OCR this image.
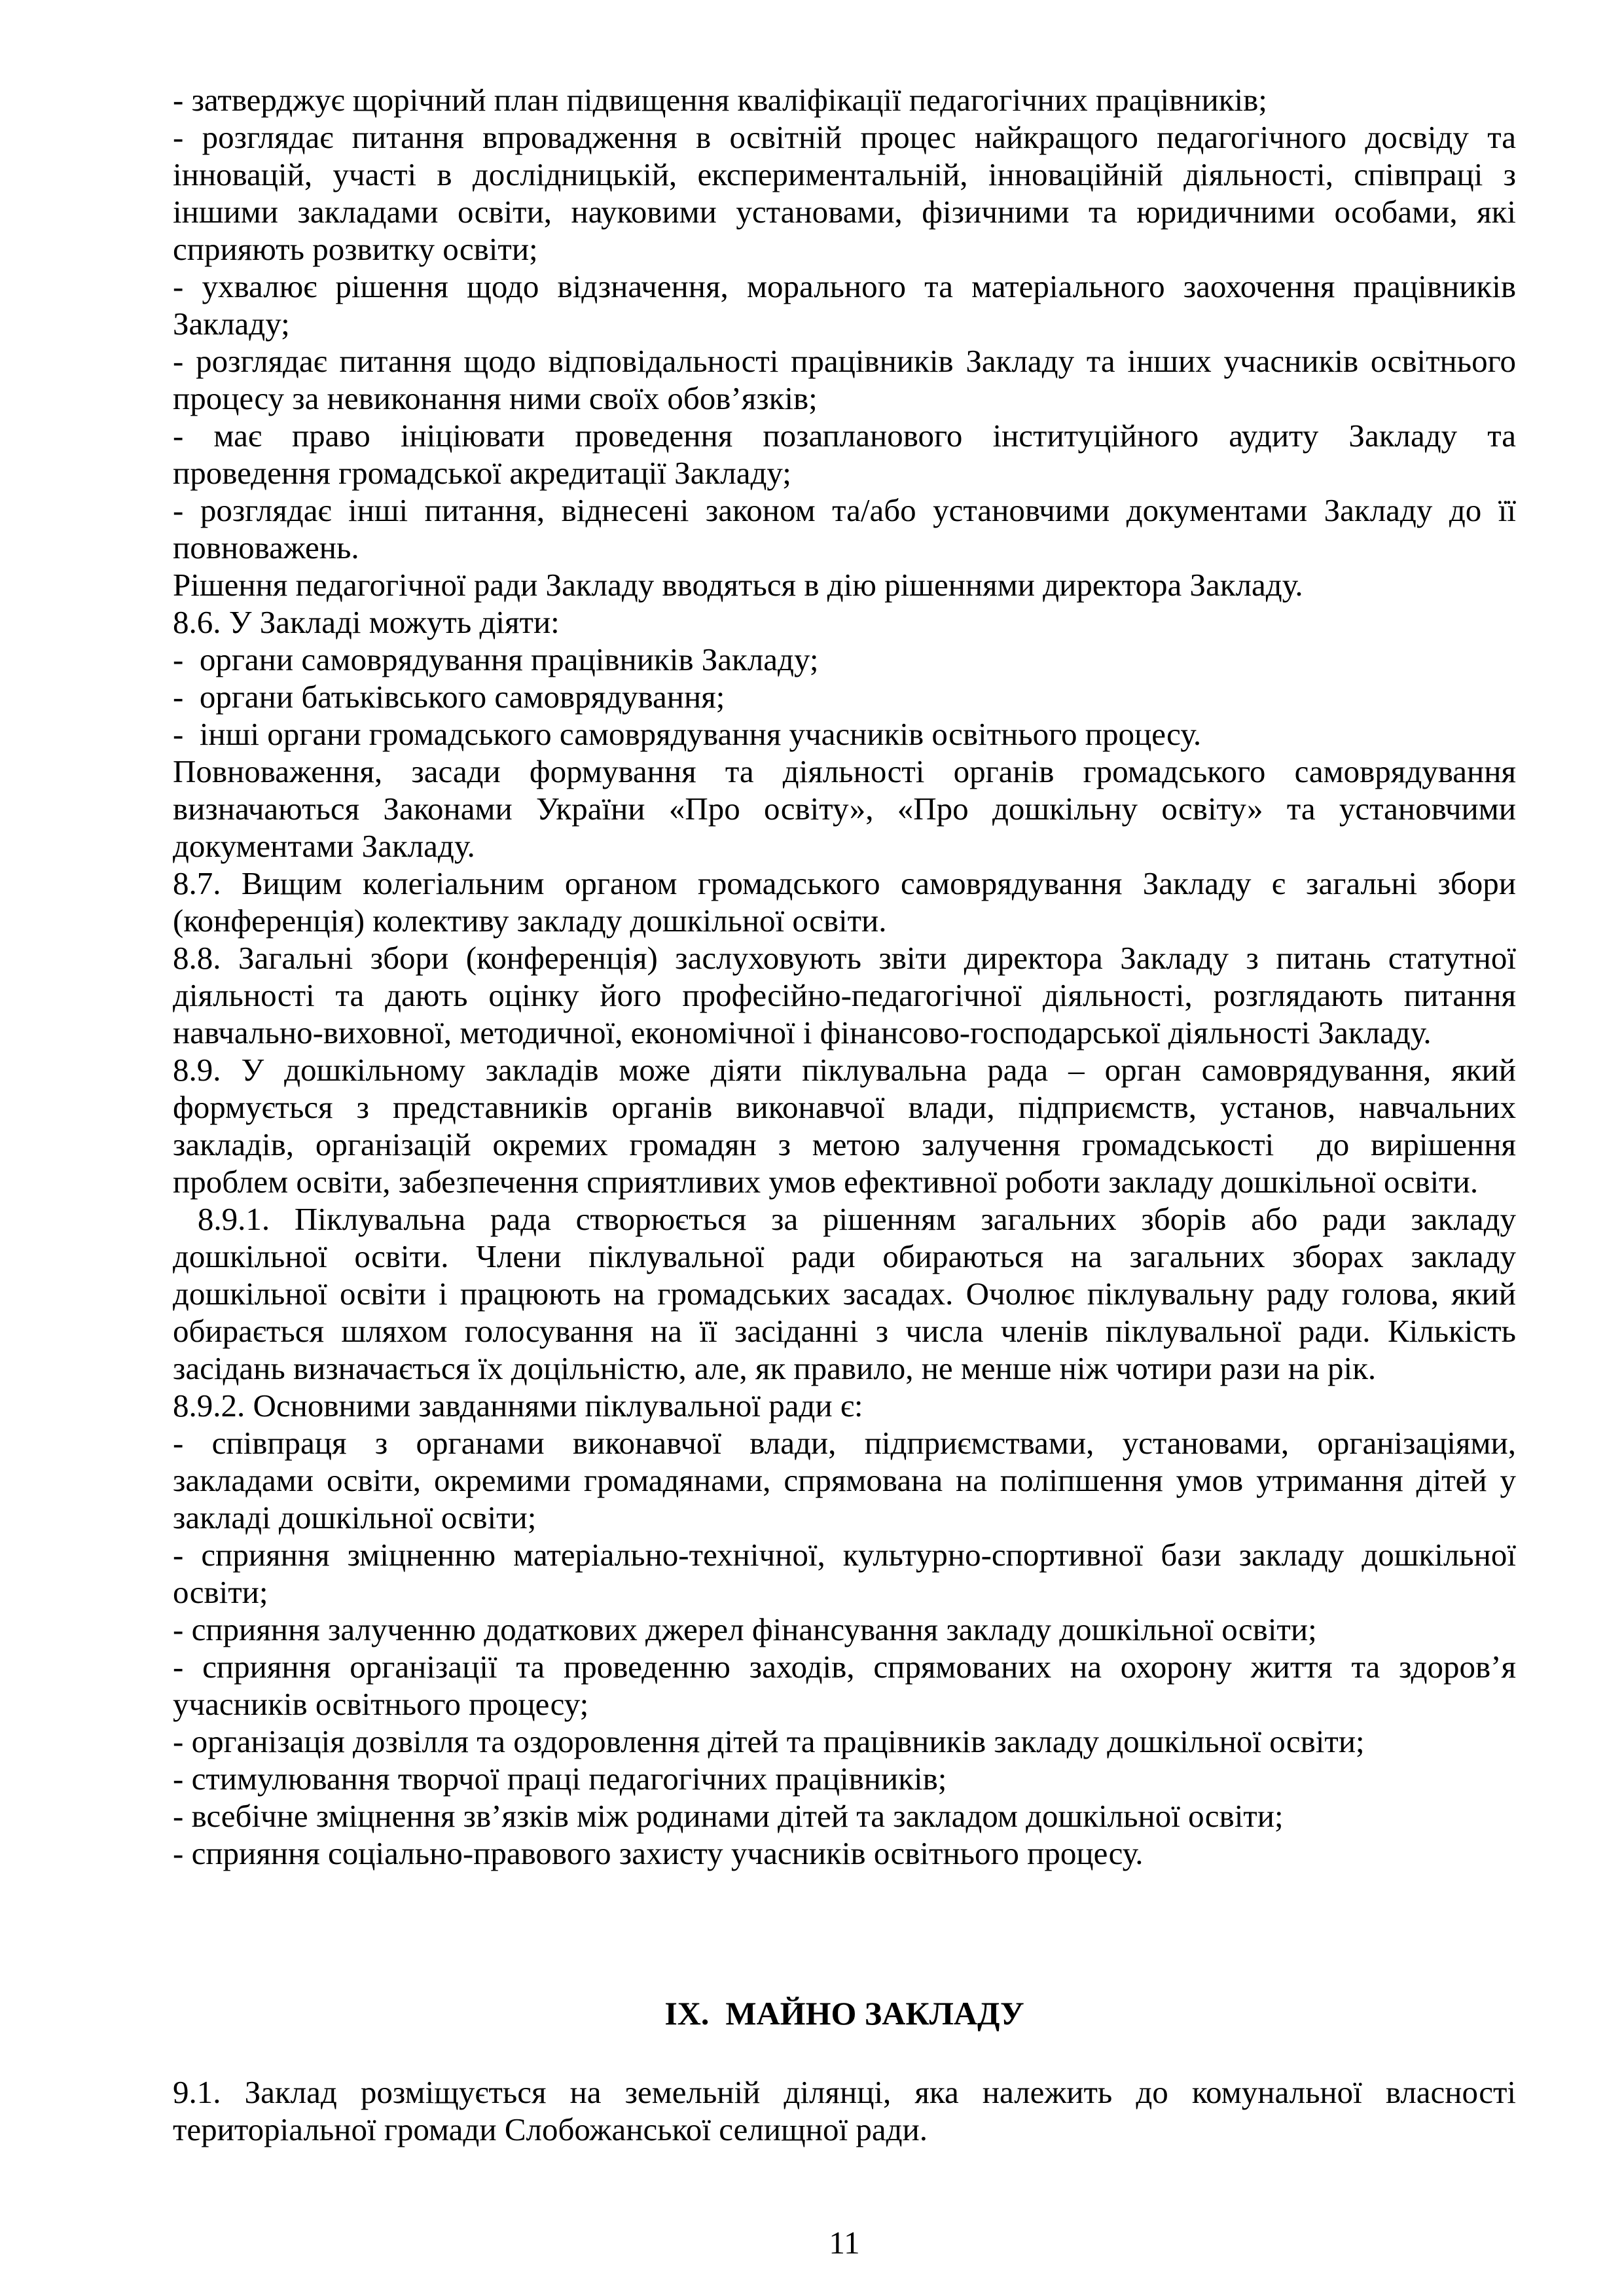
- затверджує щорічний план підвищення кваліфікації педагогічних працівників;
- розглядає питання впровадження в освітній процес найкращого педагогічного досвіду та
інновацій, участі в дослідницькій, експериментальній, інноваційній діяльності, співпраці з
іншими закладами освіти, науковими установами, фізичними та юридичними особами, які
сприяють розвитку освіти;
- ухвалює рішення щодо відзначення, морального та матеріального заохочення працівників
Закладу;
- розглядає питання щодо відповідальності працівників Закладу та інших учасників освітнього
процесу за невиконання ними своїх обов’язків;
- має право ініціювати проведення позапланового інституційного аудиту Закладу та
проведення громадської акредитації Закладу;
- розглядає інші питання, віднесені законом та/або установчими документами Закладу до її
повноважень.
Рішення педагогічної ради Закладу вводяться в дію рішеннями директора Закладу.
8.6. У Закладі можуть діяти:
-  органи самоврядування працівників Закладу;
-  органи батьківського самоврядування;
-  інші органи громадського самоврядування учасників освітнього процесу.
Повноваження, засади формування та діяльності органів громадського самоврядування
визначаються Законами України «Про освіту», «Про дошкільну освіту» та установчими
документами Закладу.
8.7. Вищим колегіальним органом громадського самоврядування Закладу є загальні збори
(конференція) колективу закладу дошкільної освіти.
8.8. Загальні збори (конференція) заслуховують звіти директора Закладу з питань статутної
діяльності та дають оцінку його професійно-педагогічної діяльності, розглядають питання
навчально-виховної, методичної, економічної і фінансово-господарської діяльності Закладу.
8.9. У дошкільному закладів може діяти піклувальна рада – орган самоврядування, який
формується з представників органів виконавчої влади, підприємств, установ, навчальних
закладів, організацій окремих громадян з метою залучення громадськості  до вирішення
проблем освіти, забезпечення сприятливих умов ефективної роботи закладу дошкільної освіти.
8.9.1. Піклувальна рада створюється за рішенням загальних зборів або ради закладу
дошкільної освіти. Члени піклувальної ради обираються на загальних зборах закладу
дошкільної освіти і працюють на громадських засадах. Очолює піклувальну раду голова, який
обирається шляхом голосування на її засіданні з числа членів піклувальної ради. Кількість
засідань визначається їх доцільністю, але, як правило, не менше ніж чотири рази на рік.
8.9.2. Основними завданнями піклувальної ради є:
- співпраця з органами виконавчої влади, підприємствами, установами, організаціями,
закладами освіти, окремими громадянами, спрямована на поліпшення умов утримання дітей у
закладі дошкільної освіти;
- сприяння зміцненню матеріально-технічної, культурно-спортивної бази закладу дошкільної
освіти;
- сприяння залученню додаткових джерел фінансування закладу дошкільної освіти;
- сприяння організації та проведенню заходів, спрямованих на охорону життя та здоров’я
учасників освітнього процесу;
- організація дозвілля та оздоровлення дітей та працівників закладу дошкільної освіти;
- стимулювання творчої праці педагогічних працівників;
- всебічне зміцнення зв’язків між родинами дітей та закладом дошкільної освіти;
- сприяння соціально-правового захисту учасників освітнього процесу.
ІХ.  МАЙНО ЗАКЛАДУ
9.1. Заклад розміщується на земельній ділянці, яка належить до комунальної власності
територіальної громади Слобожанської селищної ради.
11
